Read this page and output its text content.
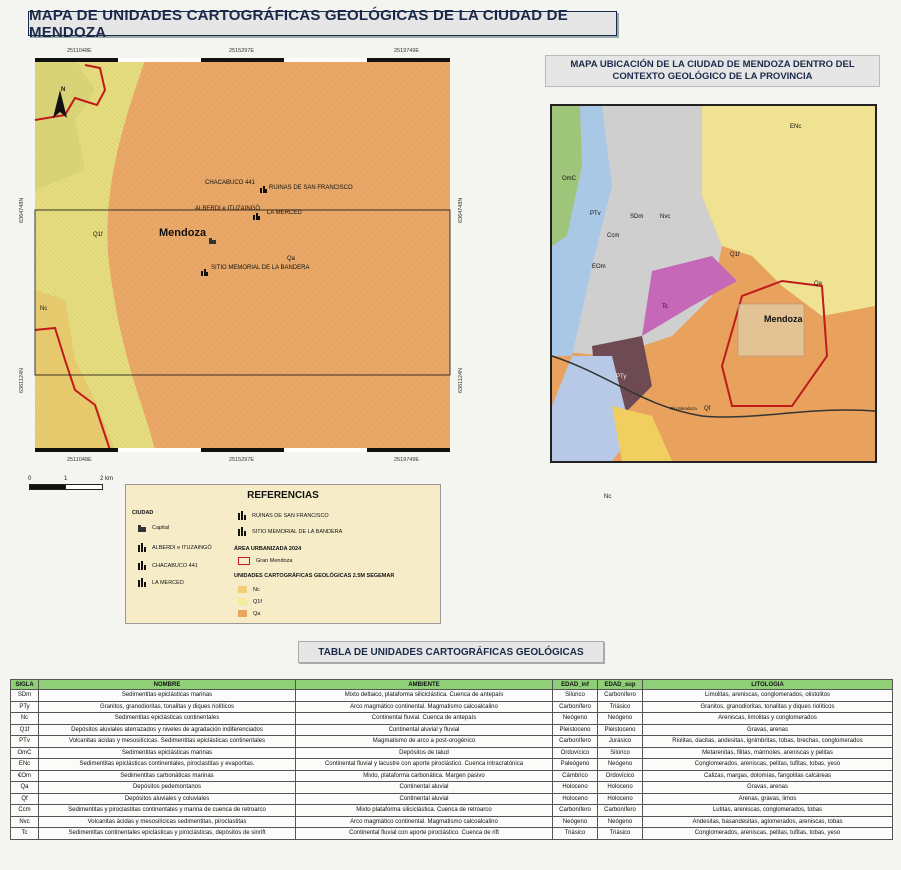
MAPA DE UNIDADES CARTOGRÁFICAS GEOLÓGICAS DE LA CIUDAD DE MENDOZA
N
CHACABUCO 441
RUINAS DE SAN FRANCISCO
ALBERDI e ITUZAINGÓ
LA MERCED
SITIO MEMORIAL DE LA BANDERA
Mendoza
Q1f
Nc
Qa
2511048E	2515297E	2519749E
2511048E	2515297E	2519749E
6364748N
6361124N
6364748N
6361124N
0	1	2 km
REFERENCIAS
CIUDAD
Capital
ALBERDI e ITUZAINGÓ
CHACABUCO 441
LA MERCED
RUINAS DE SAN FRANCISCO
SITIO MEMORIAL DE LA BANDERA
ÁREA URBANIZADA 2024
Gran Mendoza
UNIDADES CARTOGRÁFICAS GEOLÓGICAS 2.5M SEGEMAR
Nc
Q1f
Qa
MAPA UBICACIÓN DE LA CIUDAD DE MENDOZA DENTRO DEL
CONTEXTO GEOLÓGICO DE LA PROVINCIA
ENc
OmC
PTv	SDm	Nvc
Ccm
EOm
Q1f
Tc
Qa
PTy
Qf
Nc
Mendoza
Río Mendoza
TABLA DE UNIDADES CARTOGRÁFICAS GEOLÓGICAS
SIGLA	NOMBRE	AMBIENTE	EDAD_inf	EDAD_sup	LITOLOGIA
SDm	Sedimentitas epiclásticas marinas	Mixto deltaico, plataforma siliciclástica. Cuenca de antepaís	Silúrico	Carbonífero	Limolitas, areniscas, conglomerados, olistolitos
PTy	Granitos, granodioritas, tonalitas y diques riolíticos	Arco magmático continental. Magmatismo calcoalcalino	Carbonífero	Triásico	Granitos, granodioritas, tonalitas y diques riolíticos
Nc	Sedimentitas epiclásticas continentales	Continental fluvial. Cuenca de antepaís	Neógeno	Neógeno	Areniscas, limolitas y conglomerados
Q1f	Depósitos aluviales aterrazados y niveles de agradación indiferenciados	Continental aluvial y fluvial	Pleistoceno	Pleistoceno	Gravas, arenas
PTv	Volcanitas ácidas y mesosilícicas. Sedimentitas epiclásticas continentales	Magmatismo de arco a post-orogénico	Carbonífero	Jurásico	Riolitas, dacitas, andesitas, ignimbritas, tobas, brechas, conglomerados
OmC	Sedimentitas epiclásticas marinas	Depósitos de talud	Ordovícico	Silúrico	Metarenitas, filitas, mármoles, areniscas y pelitas
ENc	Sedimentitas epiclásticas continentales, piroclastitas y evaporitas.	Continental fluvial y lacustre con aporte piroclástico. Cuenca intracratónica	Paleógeno	Neógeno	Conglomerados, areniscas, pelitas, tufitas, tobas, yeso
€Om	Sedimentitas carbonáticas marinas	Mixto, plataforma carbonática. Margen pasivo	Cámbrico	Ordovícico	Calizas, margas, dolomías, fangolitas calcáreas
Qa	Depósitos pedemontanos	Continental aluvial	Holoceno	Holoceno	Gravas, arenas
Qf	Depósitos aluviales y coluviales	Continental aluvial	Holoceno	Holoceno	Arenas, gravas, limos
Ccm	Sedimentitas y piroclastitas continentales y marina de cuenca de retroarco	Mixto plataforma siliciclástica. Cuenca de retroarco	Carbonífero	Carbonífero	Lutitas, areniscas, conglomerados, tobas
Nvc	Volcanitas ácidas y mesosilícicas sedimentitas, piroclastitas	Arco magmático continental. Magmatismo calcoalcalino	Neógeno	Neógeno	Andesitas, basandesitas, aglomerados, areniscas, tobas
Tc	Sedimentitas continentales epiclásticas y piroclásticas, depósitos de sinrift	Continental fluvial con aporte piroclástico. Cuenca de rift	Triásico	Triásico	Conglomerados, areniscas, pelitas, tufitas, tobas, yeso
